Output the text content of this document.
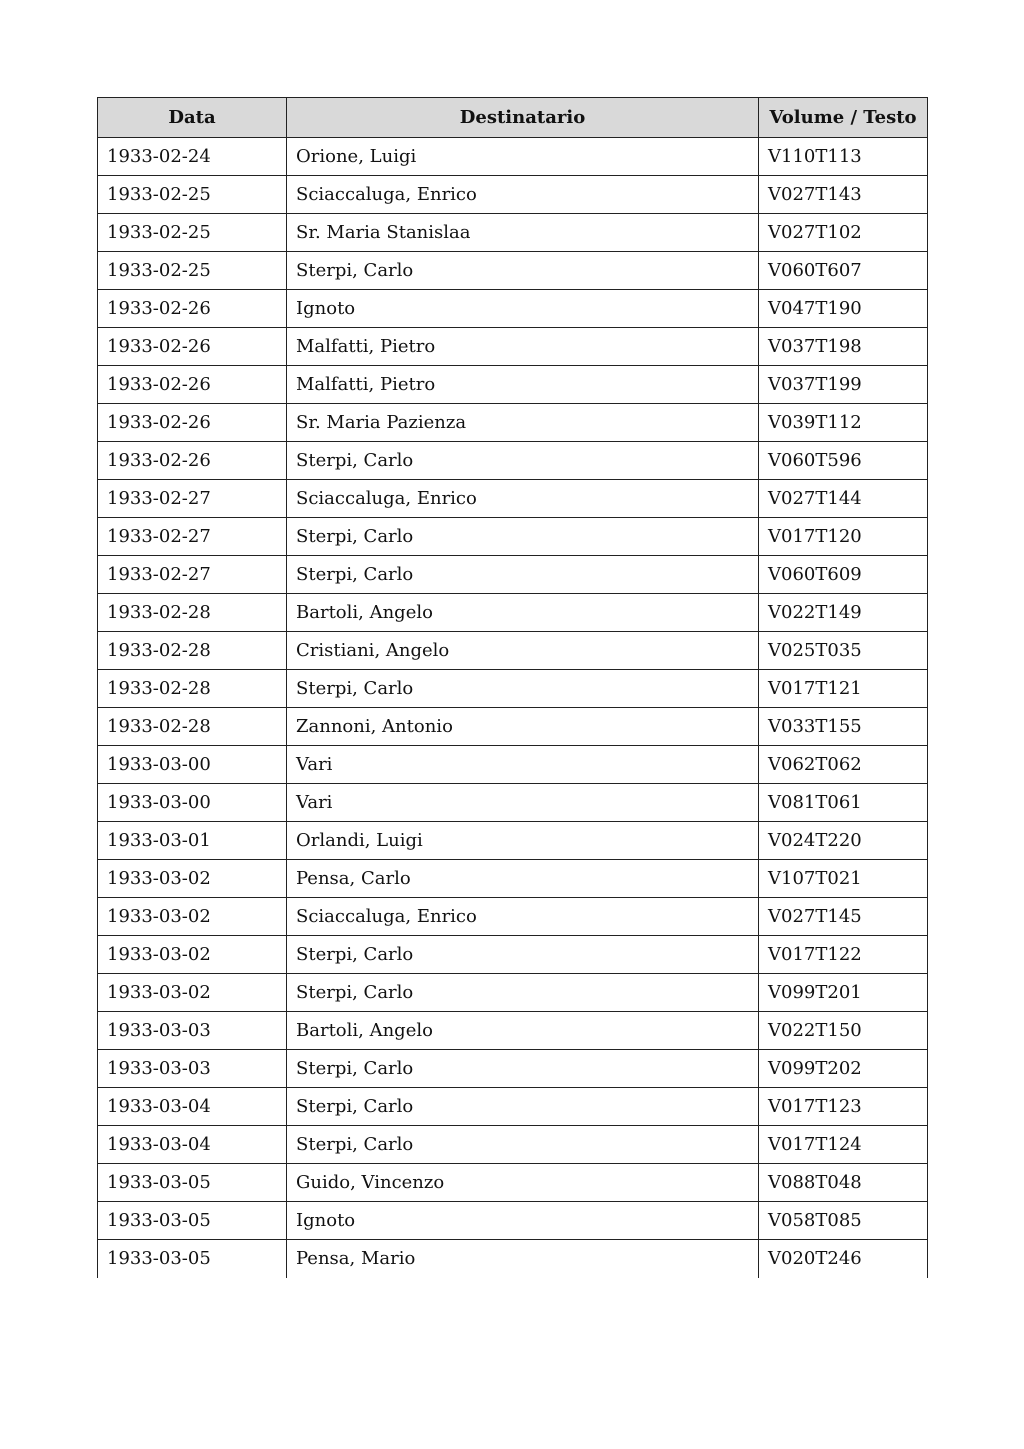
Data	Destinatario	Volume / Testo
1933-02-24	Orione, Luigi	V110T113
1933-02-25	Sciaccaluga, Enrico	V027T143
1933-02-25	Sr. Maria Stanislaa	V027T102
1933-02-25	Sterpi, Carlo	V060T607
1933-02-26	Ignoto	V047T190
1933-02-26	Malfatti, Pietro	V037T198
1933-02-26	Malfatti, Pietro	V037T199
1933-02-26	Sr. Maria Pazienza	V039T112
1933-02-26	Sterpi, Carlo	V060T596
1933-02-27	Sciaccaluga, Enrico	V027T144
1933-02-27	Sterpi, Carlo	V017T120
1933-02-27	Sterpi, Carlo	V060T609
1933-02-28	Bartoli, Angelo	V022T149
1933-02-28	Cristiani, Angelo	V025T035
1933-02-28	Sterpi, Carlo	V017T121
1933-02-28	Zannoni, Antonio	V033T155
1933-03-00	Vari	V062T062
1933-03-00	Vari	V081T061
1933-03-01	Orlandi, Luigi	V024T220
1933-03-02	Pensa, Carlo	V107T021
1933-03-02	Sciaccaluga, Enrico	V027T145
1933-03-02	Sterpi, Carlo	V017T122
1933-03-02	Sterpi, Carlo	V099T201
1933-03-03	Bartoli, Angelo	V022T150
1933-03-03	Sterpi, Carlo	V099T202
1933-03-04	Sterpi, Carlo	V017T123
1933-03-04	Sterpi, Carlo	V017T124
1933-03-05	Guido, Vincenzo	V088T048
1933-03-05	Ignoto	V058T085
1933-03-05	Pensa, Mario	V020T246
